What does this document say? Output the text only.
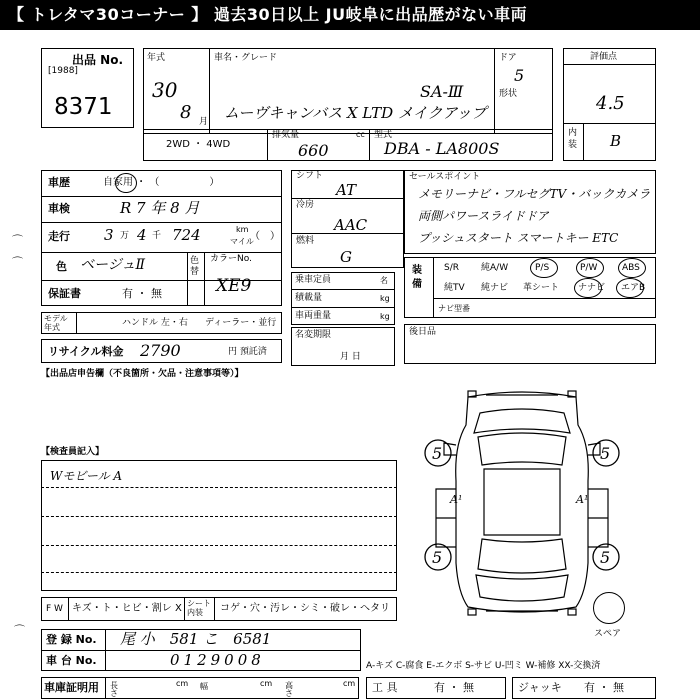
【 トレタマ30コーナー 】 過去30日以上 JU岐阜に出品歴がない車両
出品 No.
[1988]
8371
年式
30
8 月
車名・グレード
SA-Ⅲ
ムーヴキャンバス X LTD メイクアップ
ドア
5
形状
評価点
4.5
内装 B
2WD ・ 4WD
排気量	cc
660
型式
DBA - LA800S
車歴	自家用 ・ （　　　　　）
車検	R 7 年 8 月
走行 3 万 4 千 724	km
マイル
（　）
色 ベージュⅡ	色替
カラーNo.
XE9
保証書	有 ・ 無
モデル年式	ハンドル 左・右 ディーラー・並行
リサイクル料金 2790	円 預託済
シフト
AT
冷房
AAC
燃料
G
セールスポイント
メモリーナビ・フルセグTV・バックカメラ
両側パワースライドドア
プッシュスタート スマートキー ETC
乗車定員	名
積載量	kg
車両重量	kg
装備
S/R 純A/W	P/S	P/W	ABS
純TV 純ナビ 革シート ナナビ エアB
ナビ型番
名変期限
月 日
後日品
【出品店申告欄（不良箇所・欠品・注意事項等）】
【検査員記入】
Wモビール A
5	5
5	5
A¹	A¹
スペア
F W キズ・ト・ヒビ・割レ X シート内装	コゲ・穴・汚レ・シミ・破レ・へタリ
登 録 No. 尾 小　581 こ　6581
車 台 No.	0129008	A-キズ C-腐食 E-エクボ S-サビ U-凹ミ W-補修 XX-交換済
車庫証明用 長さ
cm 幅	cm 高さ
cm 工 具	有 ・ 無	ジャッキ 有 ・ 無
⌒
⌒
⌒
